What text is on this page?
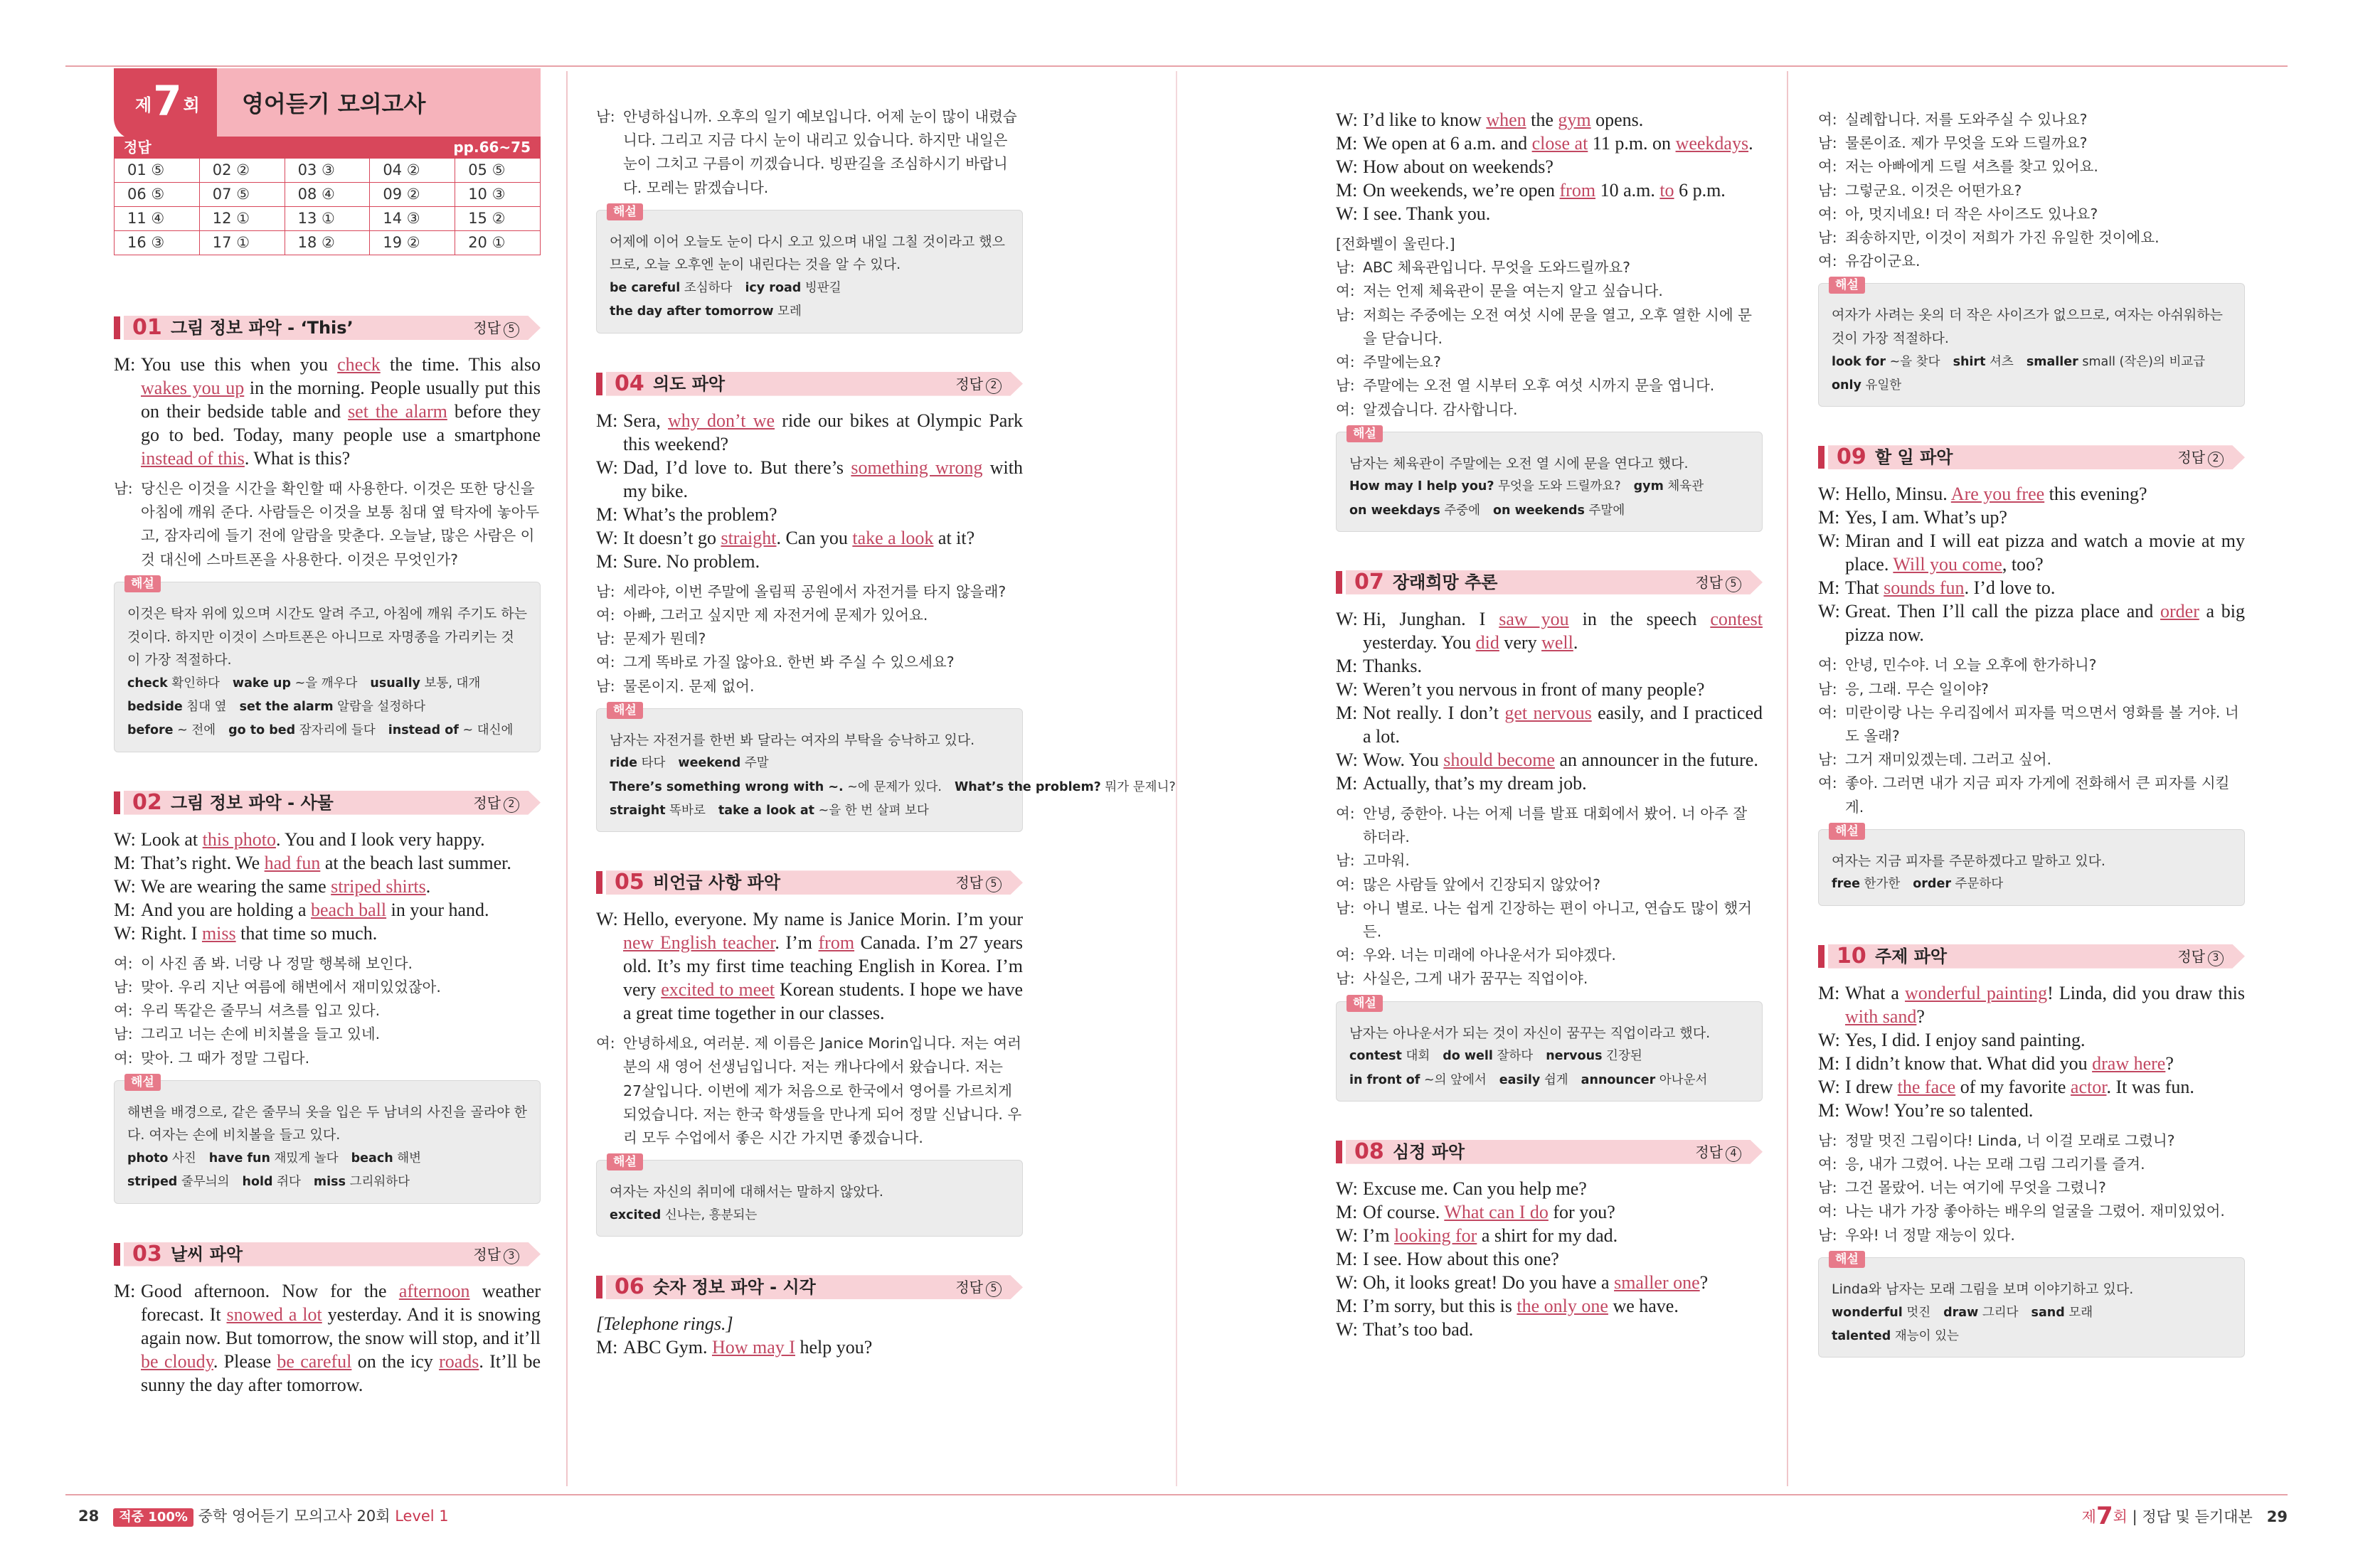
제7회 영어듣기 모의고사
정답	pp.66~75
01 ⑤	02 ②	03 ③	04 ②	05 ⑤
06 ⑤	07 ⑤	08 ④	09 ②	10 ③
11 ④	12 ①	13 ①	14 ③	15 ②
16 ③	17 ①	18 ②	19 ②	20 ①
01 그림 정보 파악 - ‘This’	정답 5
M: You use this when you check the time. This also wakes you up in the morning. People usually put this on their bedside table and set the alarm before they go to bed. Today, many people use a smartphone instead of this. What is this?
남: 당신은 이것을 시간을 확인할 때 사용한다. 이것은 또한 당신을 아침에 깨워 준다. 사람들은 이것을 보통 침대 옆 탁자에 놓아두고, 잠자리에 들기 전에 알람을 맞춘다. 오늘날, 많은 사람은 이것 대신에 스마트폰을 사용한다. 이것은 무엇인가?
해설
이것은 탁자 위에 있으며 시간도 알려 주고, 아침에 깨워 주기도 하는 것이다. 하지만 이것이 스마트폰은 아니므로 자명종을 가리키는 것이 가장 적절하다.
check 확인하다 wake up ~을 깨우다 usually 보통, 대개bedside 침대 옆 set the alarm 알람을 설정하다before ~ 전에 go to bed 잠자리에 들다 instead of ~ 대신에
02 그림 정보 파악 - 사물	정답 2
W: Look at this photo. You and I look very happy.
M: That’s right. We had fun at the beach last summer.
W: We are wearing the same striped shirts.
M: And you are holding a beach ball in your hand.
W: Right. I miss that time so much.
여: 이 사진 좀 봐. 너랑 나 정말 행복해 보인다.
남: 맞아. 우리 지난 여름에 해변에서 재미있었잖아.
여: 우리 똑같은 줄무늬 셔츠를 입고 있다.
남: 그리고 너는 손에 비치볼을 들고 있네.
여: 맞아. 그 때가 정말 그립다.
해설
해변을 배경으로, 같은 줄무늬 옷을 입은 두 남녀의 사진을 골라야 한다. 여자는 손에 비치볼을 들고 있다.
photo 사진 have fun 재밌게 놀다 beach 해변striped 줄무늬의 hold 쥐다 miss 그리워하다
03 날씨 파악	정답 3
M: Good afternoon. Now for the afternoon weather forecast. It snowed a lot yesterday. And it is snowing again now. But tomorrow, the snow will stop, and it’ll be cloudy. Please be careful on the icy roads. It’ll be sunny the day after tomorrow.
남: 안녕하십니까. 오후의 일기 예보입니다. 어제 눈이 많이 내렸습니다. 그리고 지금 다시 눈이 내리고 있습니다. 하지만 내일은 눈이 그치고 구름이 끼겠습니다. 빙판길을 조심하시기 바랍니다. 모레는 맑겠습니다.
해설
어제에 이어 오늘도 눈이 다시 오고 있으며 내일 그칠 것이라고 했으므로, 오늘 오후엔 눈이 내린다는 것을 알 수 있다.
be careful 조심하다 icy road 빙판길the day after tomorrow 모레
04 의도 파악	정답 2
M: Sera, why don’t we ride our bikes at Olympic Park this weekend?
W: Dad, I’d love to. But there’s something wrong with my bike.
M: What’s the problem?
W: It doesn’t go straight. Can you take a look at it?
M: Sure. No problem.
남: 세라야, 이번 주말에 올림픽 공원에서 자전거를 타지 않을래?
여: 아빠, 그러고 싶지만 제 자전거에 문제가 있어요.
남: 문제가 뭔데?
여: 그게 똑바로 가질 않아요. 한번 봐 주실 수 있으세요?
남: 물론이지. 문제 없어.
해설
남자는 자전거를 한번 봐 달라는 여자의 부탁을 승낙하고 있다.
ride 타다 weekend 주말There’s something wrong with ~. ~에 문제가 있다. What’s the problem? 뭐가 문제니?straight 똑바로 take a look at ~을 한 번 살펴 보다
05 비언급 사항 파악	정답 5
W: Hello, everyone. My name is Janice Morin. I’m your new English teacher. I’m from Canada. I’m 27 years old. It’s my first time teaching English in Korea. I’m very excited to meet Korean students. I hope we have a great time together in our classes.
여: 안녕하세요, 여러분. 제 이름은 Janice Morin입니다. 저는 여러분의 새 영어 선생님입니다. 저는 캐나다에서 왔습니다. 저는 27살입니다. 이번에 제가 처음으로 한국에서 영어를 가르치게 되었습니다. 저는 한국 학생들을 만나게 되어 정말 신납니다. 우리 모두 수업에서 좋은 시간 가지면 좋겠습니다.
해설
여자는 자신의 취미에 대해서는 말하지 않았다.
excited 신나는, 흥분되는
06 숫자 정보 파악 - 시각	정답 5
[Telephone rings.]
M: ABC Gym. How may I help you?
W: I’d like to know when the gym opens.
M: We open at 6 a.m. and close at 11 p.m. on weekdays.
W: How about on weekends?
M: On weekends, we’re open from 10 a.m. to 6 p.m.
W: I see. Thank you.
[전화벨이 울린다.]
남: ABC 체육관입니다. 무엇을 도와드릴까요?
여: 저는 언제 체육관이 문을 여는지 알고 싶습니다.
남: 저희는 주중에는 오전 여섯 시에 문을 열고, 오후 열한 시에 문을 닫습니다.
여: 주말에는요?
남: 주말에는 오전 열 시부터 오후 여섯 시까지 문을 엽니다.
여: 알겠습니다. 감사합니다.
해설
남자는 체육관이 주말에는 오전 열 시에 문을 연다고 했다.
How may I help you? 무엇을 도와 드릴까요? gym 체육관on weekdays 주중에 on weekends 주말에
07 장래희망 추론	정답 5
W: Hi, Junghan. I saw you in the speech contest yesterday. You did very well.
M: Thanks.
W: Weren’t you nervous in front of many people?
M: Not really. I don’t get nervous easily, and I practiced a lot.
W: Wow. You should become an announcer in the future.
M: Actually, that’s my dream job.
여: 안녕, 중한아. 나는 어제 너를 발표 대회에서 봤어. 너 아주 잘 하더라.
남: 고마워.
여: 많은 사람들 앞에서 긴장되지 않았어?
남: 아니 별로. 나는 쉽게 긴장하는 편이 아니고, 연습도 많이 했거든.
여: 우와. 너는 미래에 아나운서가 되야겠다.
남: 사실은, 그게 내가 꿈꾸는 직업이야.
해설
남자는 아나운서가 되는 것이 자신이 꿈꾸는 직업이라고 했다.
contest 대회 do well 잘하다 nervous 긴장된in front of ~의 앞에서 easily 쉽게 announcer 아나운서
08 심정 파악	정답 4
W: Excuse me. Can you help me?
M: Of course. What can I do for you?
W: I’m looking for a shirt for my dad.
M: I see. How about this one?
W: Oh, it looks great! Do you have a smaller one?
M: I’m sorry, but this is the only one we have.
W: That’s too bad.
여: 실례합니다. 저를 도와주실 수 있나요?
남: 물론이죠. 제가 무엇을 도와 드릴까요?
여: 저는 아빠에게 드릴 셔츠를 찾고 있어요.
남: 그렇군요. 이것은 어떤가요?
여: 아, 멋지네요! 더 작은 사이즈도 있나요?
남: 죄송하지만, 이것이 저희가 가진 유일한 것이에요.
여: 유감이군요.
해설
여자가 사려는 옷의 더 작은 사이즈가 없으므로, 여자는 아쉬워하는 것이 가장 적절하다.
look for ~을 찾다 shirt 셔츠 smaller small (작은)의 비교급only 유일한
09 할 일 파악	정답 2
W: Hello, Minsu. Are you free this evening?
M: Yes, I am. What’s up?
W: Miran and I will eat pizza and watch a movie at my place. Will you come, too?
M: That sounds fun. I’d love to.
W: Great. Then I’ll call the pizza place and order a big pizza now.
여: 안녕, 민수야. 너 오늘 오후에 한가하니?
남: 응, 그래. 무슨 일이야?
여: 미란이랑 나는 우리집에서 피자를 먹으면서 영화를 볼 거야. 너도 올래?
남: 그거 재미있겠는데. 그러고 싶어.
여: 좋아. 그러면 내가 지금 피자 가게에 전화해서 큰 피자를 시킬게.
해설
여자는 지금 피자를 주문하겠다고 말하고 있다.
free 한가한 order 주문하다
10 주제 파악	정답 3
M: What a wonderful painting! Linda, did you draw this with sand?
W: Yes, I did. I enjoy sand painting.
M: I didn’t know that. What did you draw here?
W: I drew the face of my favorite actor. It was fun.
M: Wow! You’re so talented.
남: 정말 멋진 그림이다! Linda, 너 이걸 모래로 그렸니?
여: 응, 내가 그렸어. 나는 모래 그림 그리기를 즐겨.
남: 그건 몰랐어. 너는 여기에 무엇을 그렸니?
여: 나는 내가 가장 좋아하는 배우의 얼굴을 그렸어. 재미있었어.
남: 우와! 너 정말 재능이 있다.
해설
Linda와 남자는 모래 그림을 보며 이야기하고 있다.
wonderful 멋진 draw 그리다 sand 모래talented 재능이 있는
28 적중 100% 중학 영어듣기 모의고사 20회 Level 1	제7회 | 정답 및 듣기대본 29
